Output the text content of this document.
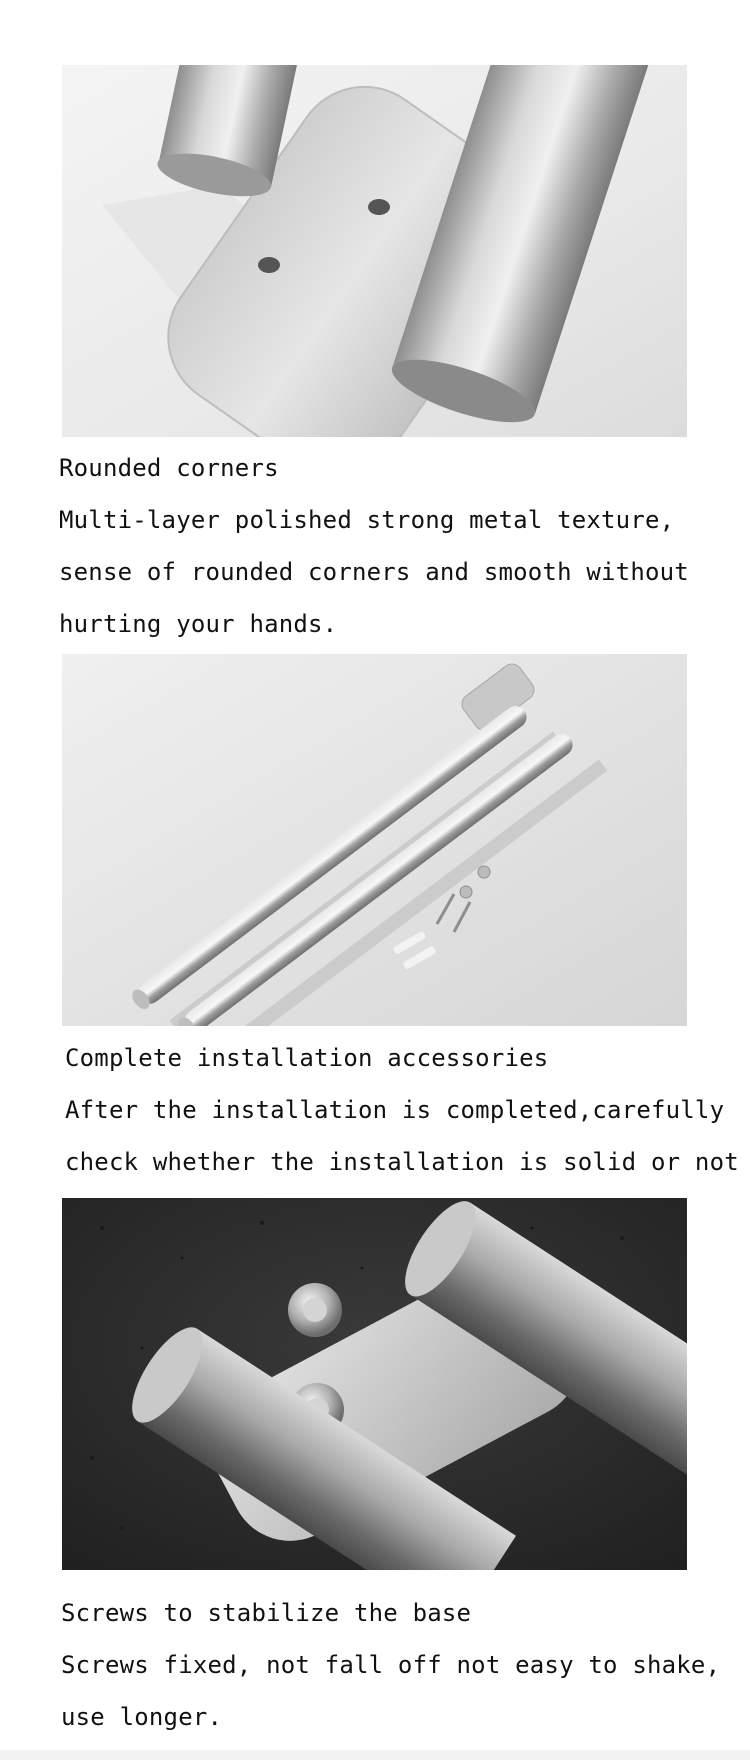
Rounded corners
Multi-layer polished strong metal texture,
sense of rounded corners and smooth without
hurting your hands.
Complete installation accessories
After the installation is completed,carefully
check whether the installation is solid or not
Screws to stabilize the base
Screws fixed, not fall off not easy to shake,
use longer.
